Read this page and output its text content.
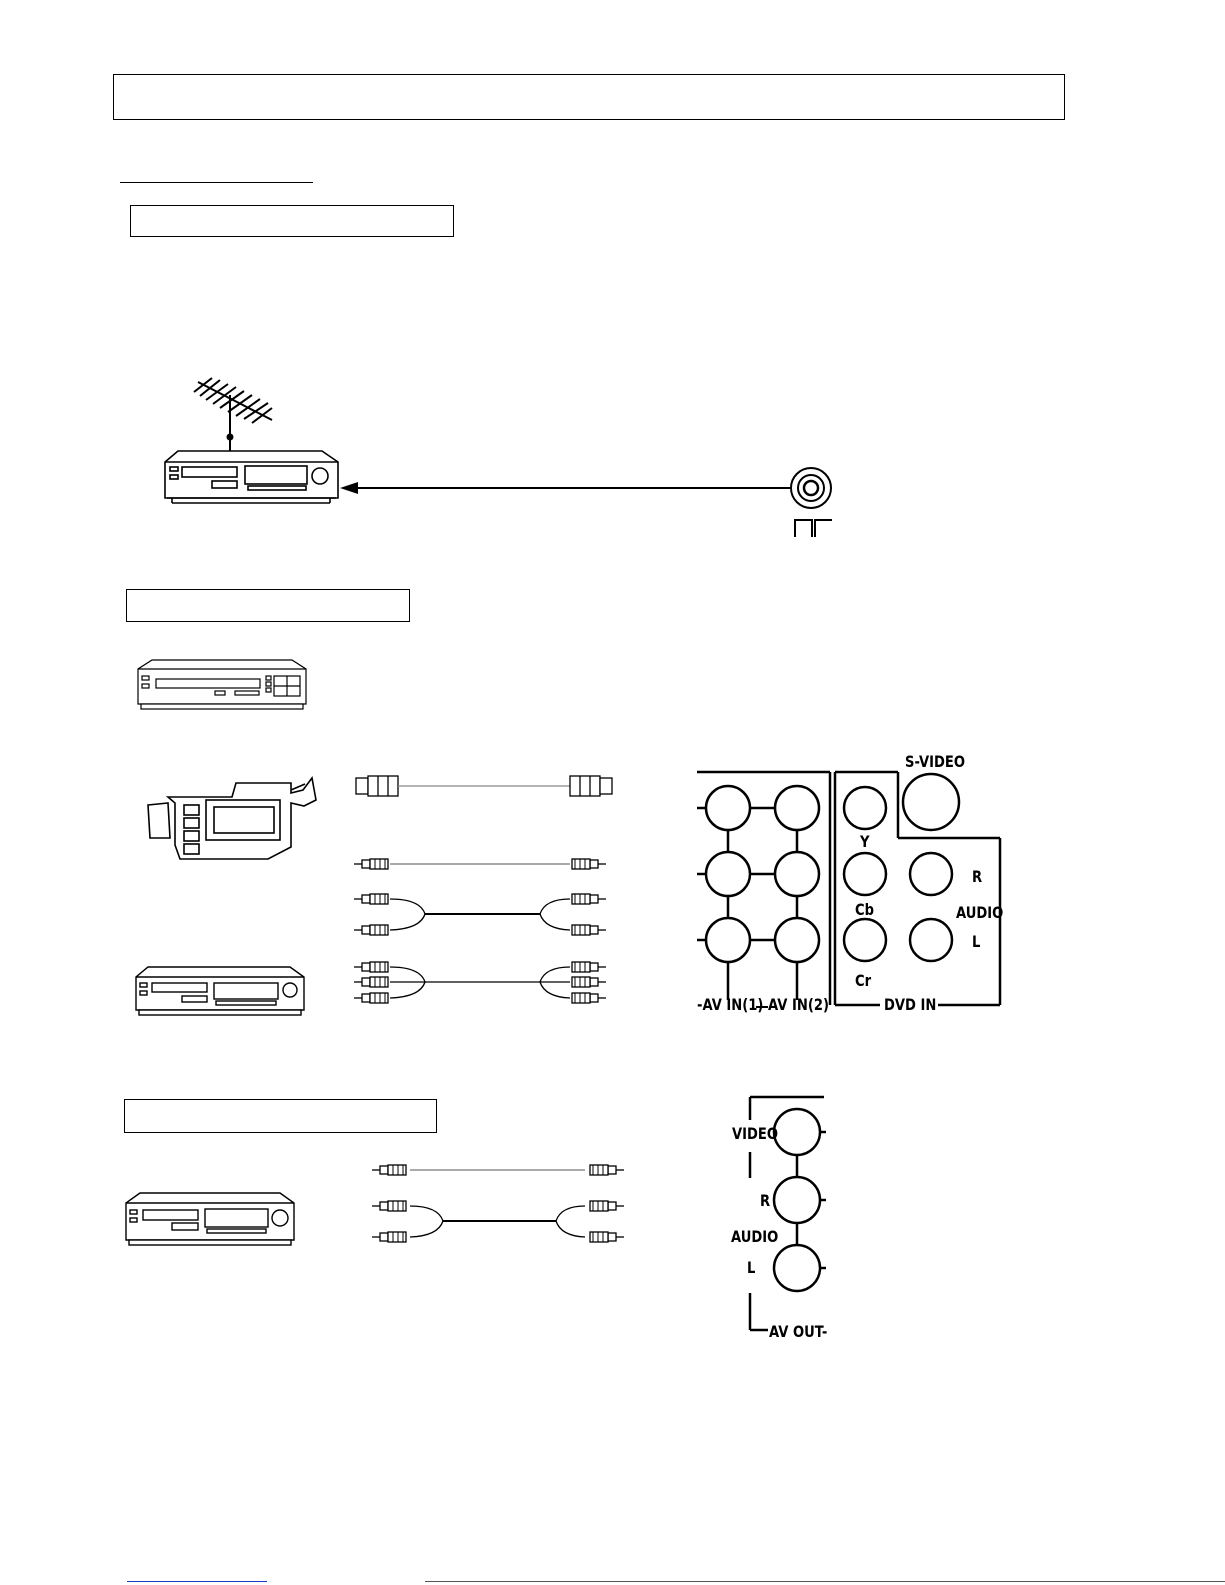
S-VIDEO
Y
Cb
Cr
R
AUDIO
L
-AV IN(1) AV IN(2)	DVD IN
VIDEO
R
AUDIO
L
AV OUT-
